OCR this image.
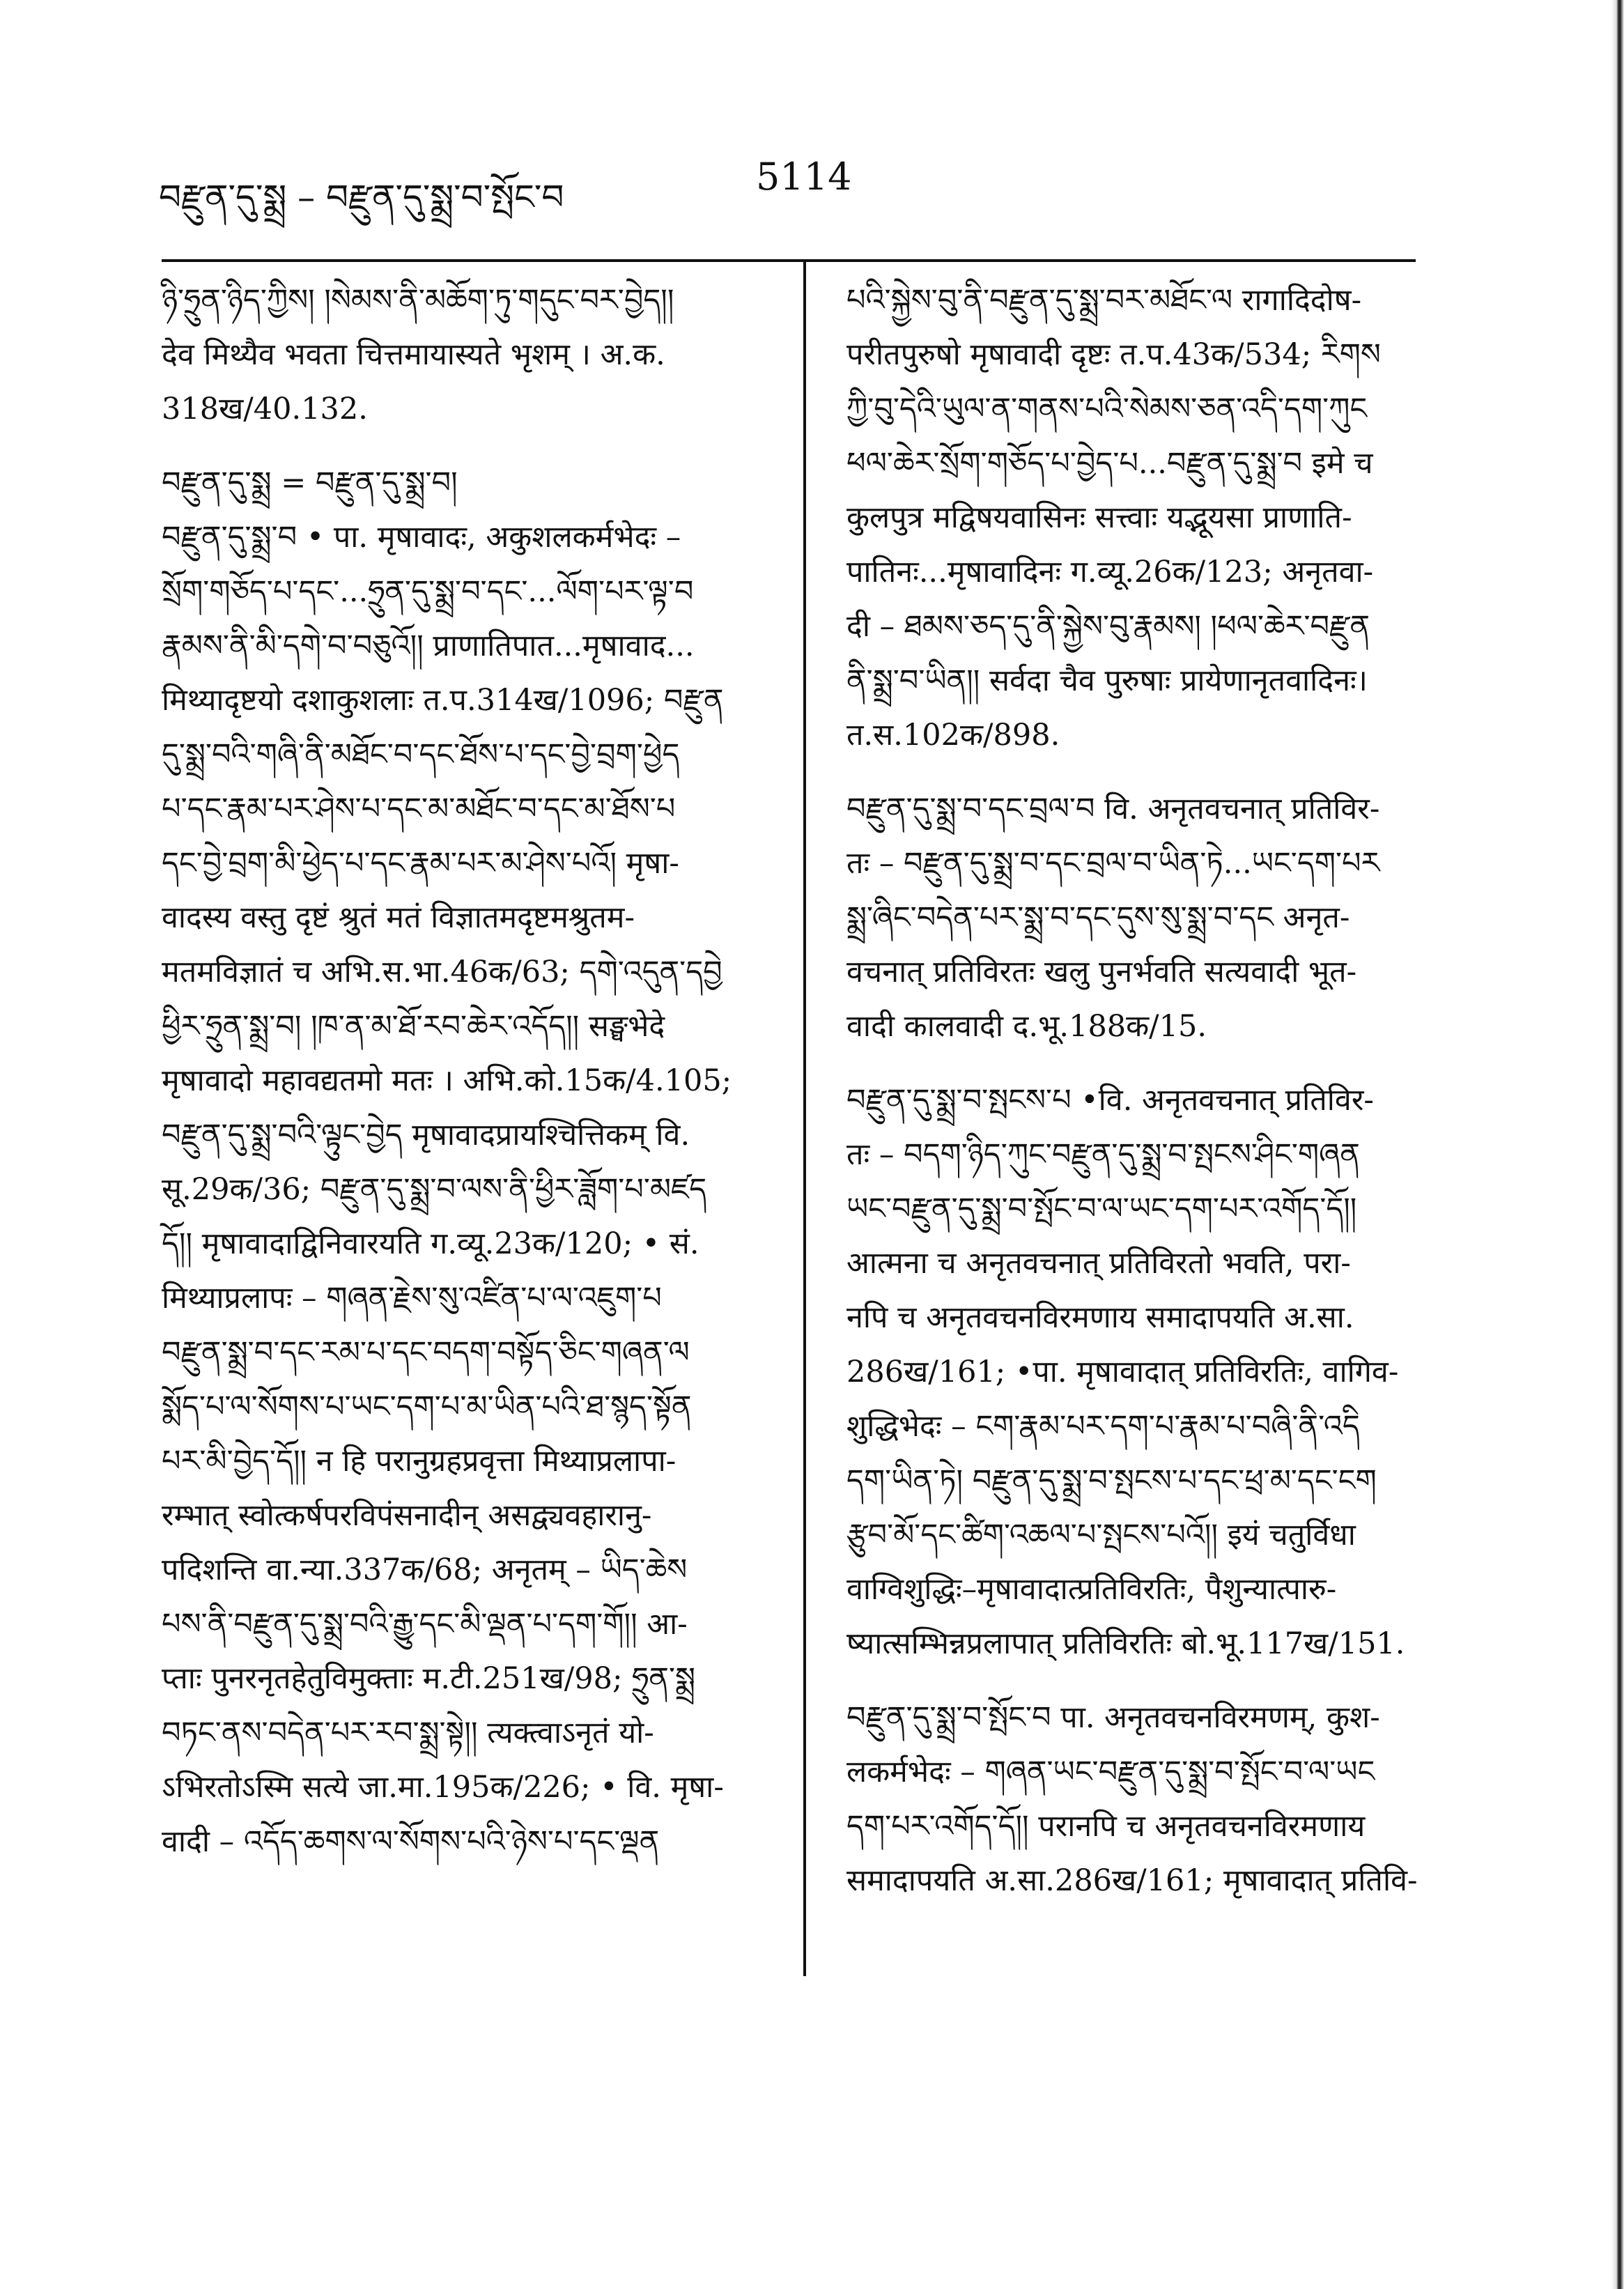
བརྫུན་དུ་སྨྲ – བརྫུན་དུ་སྨྲ་བ་སྤོང་བ	5114
ཉི་ཧྲུན་ཉིད་ཀྱིས། །སེམས་ནི་མཆོག་ཏུ་གདུང་བར་བྱེད།།
देव मिथ्यैव भवता चित्तमायास्यते भृशम् । अ.क.
318ख/40.132.
བརྫུན་དུ་སྨྲ = བརྫུན་དུ་སྨྲ་བ།
བརྫུན་དུ་སྨྲ་བ • पा. मृषावादः, अकुशलकर्मभेदः –
སྲོག་གཅོད་པ་དང་...ཧྲུན་དུ་སྨྲ་བ་དང་...ལོག་པར་ལྟ་བ
རྣམས་ནི་མི་དགེ་བ་བཅུའོ།། प्राणातिपात...मृषावाद...
मिथ्यादृष्टयो दशाकुशलाः त.प.314ख/1096; བརྫུན
དུ་སྨྲ་བའི་གཞི་ནི་མཐོང་བ་དང་ཐོས་པ་དང་བྱེ་བྲག་ཕྱེད
པ་དང་རྣམ་པར་ཤེས་པ་དང་མ་མཐོང་བ་དང་མ་ཐོས་པ
དང་བྱེ་བྲག་མི་ཕྱེད་པ་དང་རྣམ་པར་མ་ཤེས་པའོ། मृषा-
वादस्य वस्तु दृष्टं श्रुतं मतं विज्ञातमदृष्टमश्रुतम-
मतमविज्ञातं च अभि.स.भा.46क/63; དགེ་འདུན་དབྱེ
ཕྱིར་ཧྲུན་སྨྲ་བ། །ཁ་ན་མ་ཐོ་རབ་ཆེར་འདོད།། सङ्घभेदे
मृषावादो महावद्यतमो मतः । अभि.को.15क/4.105;
བརྫུན་དུ་སྨྲ་བའི་ལྟུང་བྱེད मृषावादप्रायश्चित्तिकम् वि.
सू.29क/36; བརྫུན་དུ་སྨྲ་བ་ལས་ནི་ཕྱིར་ཟློག་པ་མཛད
དོ།། मृषावादाद्विनिवारयति ग.व्यू.23क/120; • सं.
मिथ्याप्रलापः – གཞན་རྗེས་སུ་འཛིན་པ་ལ་འཇུག་པ
བརྫུན་སྨྲ་བ་དང་རམ་པ་དང་བདག་བསྟོད་ཅིང་གཞན་ལ
སྨོད་པ་ལ་སོགས་པ་ཡང་དག་པ་མ་ཡིན་པའི་ཐ་སྙད་སྟོན
པར་མི་བྱེད་དོ།། न हि परानुग्रहप्रवृत्ता मिथ्याप्रलापा-
रम्भात् स्वोत्कर्षपरविपंसनादीन् असद्व्यवहारानु-
पदिशन्ति वा.न्या.337क/68; अनृतम् – ཡིད་ཆེས
པས་ནི་བརྫུན་དུ་སྨྲ་བའི་རྒྱུ་དང་མི་ལྡན་པ་དག་གོ།། आ-
प्ताः पुनरनृतहेतुविमुक्ताः म.टी.251ख/98; ཧྲུན་སྨྲ
བཏང་ནས་བདེན་པར་རབ་སྨྲ་སྟེ།། त्यक्त्वाऽनृतं यो-
ऽभिरतोऽस्मि सत्ये जा.मा.195क/226; • वि. मृषा-
वादी – འདོད་ཆགས་ལ་སོགས་པའི་ཉེས་པ་དང་ལྡན
པའི་སྐྱེས་བུ་ནི་བརྫུན་དུ་སྨྲ་བར་མཐོང་ལ रागादिदोष-
परीतपुरुषो मृषावादी दृष्टः त.प.43क/534; རིགས
ཀྱི་བུ་དེའི་ཡུལ་ན་གནས་པའི་སེམས་ཅན་འདི་དག་ཀུང
ཕལ་ཆེར་སྲོག་གཅོད་པ་བྱེད་པ...བརྫུན་དུ་སྨྲ་བ इमे च
कुलपुत्र मद्विषयवासिनः सत्त्वाः यद्भूयसा प्राणाति-
पातिनः...मृषावादिनः ग.व्यू.26क/123; अनृतवा-
दी – ཐམས་ཅད་དུ་ནི་སྐྱེས་བུ་རྣམས། །ཕལ་ཆེར་བརྫུན
ནི་སྨྲ་བ་ཡིན།། सर्वदा चैव पुरुषाः प्रायेणानृतवादिनः।
त.स.102क/898.
བརྫུན་དུ་སྨྲ་བ་དང་བྲལ་བ वि. अनृतवचनात् प्रतिविर-
तः – བརྫུན་དུ་སྨྲ་བ་དང་བྲལ་བ་ཡིན་ཏེ...ཡང་དག་པར
སྨྲ་ཞིང་བདེན་པར་སྨྲ་བ་དང་དུས་སུ་སྨྲ་བ་དང अनृत-
वचनात् प्रतिविरतः खलु पुनर्भवति सत्यवादी भूत-
वादी कालवादी द.भू.188क/15.
བརྫུན་དུ་སྨྲ་བ་སྤངས་པ •वि. अनृतवचनात् प्रतिविर-
तः – བདག་ཉིད་ཀུང་བརྫུན་དུ་སྨྲ་བ་སྤངས་ཤིང་གཞན
ཡང་བརྫུན་དུ་སྨྲ་བ་སྤོང་བ་ལ་ཡང་དག་པར་འགོད་དོ།།
आत्मना च अनृतवचनात् प्रतिविरतो भवति, परा-
नपि च अनृतवचनविरमणाय समादापयति अ.सा.
286ख/161; •पा. मृषावादात् प्रतिविरतिः, वागिव-
शुद्धिभेदः – ངག་རྣམ་པར་དག་པ་རྣམ་པ་བཞི་ནི་འདི
དག་ཡིན་ཏེ། བརྫུན་དུ་སྨྲ་བ་སྤངས་པ་དང་ཕྲ་མ་དང་ངག
རྩུབ་མོ་དང་ཚིག་འཆལ་པ་སྤངས་པའོ།། इयं चतुर्विधा
वाग्विशुद्धिः–मृषावादात्प्रतिविरतिः, पैशुन्यात्पारु-
ष्यात्सम्भिन्नप्रलापात् प्रतिविरतिः बो.भू.117ख/151.
བརྫུན་དུ་སྨྲ་བ་སྤོང་བ पा. अनृतवचनविरमणम्, कुश-
लकर्मभेदः – གཞན་ཡང་བརྫུན་དུ་སྨྲ་བ་སྤོང་བ་ལ་ཡང
དག་པར་འགོད་དོ།། परानपि च अनृतवचनविरमणाय
समादापयति अ.सा.286ख/161; मृषावादात् प्रतिवि-
